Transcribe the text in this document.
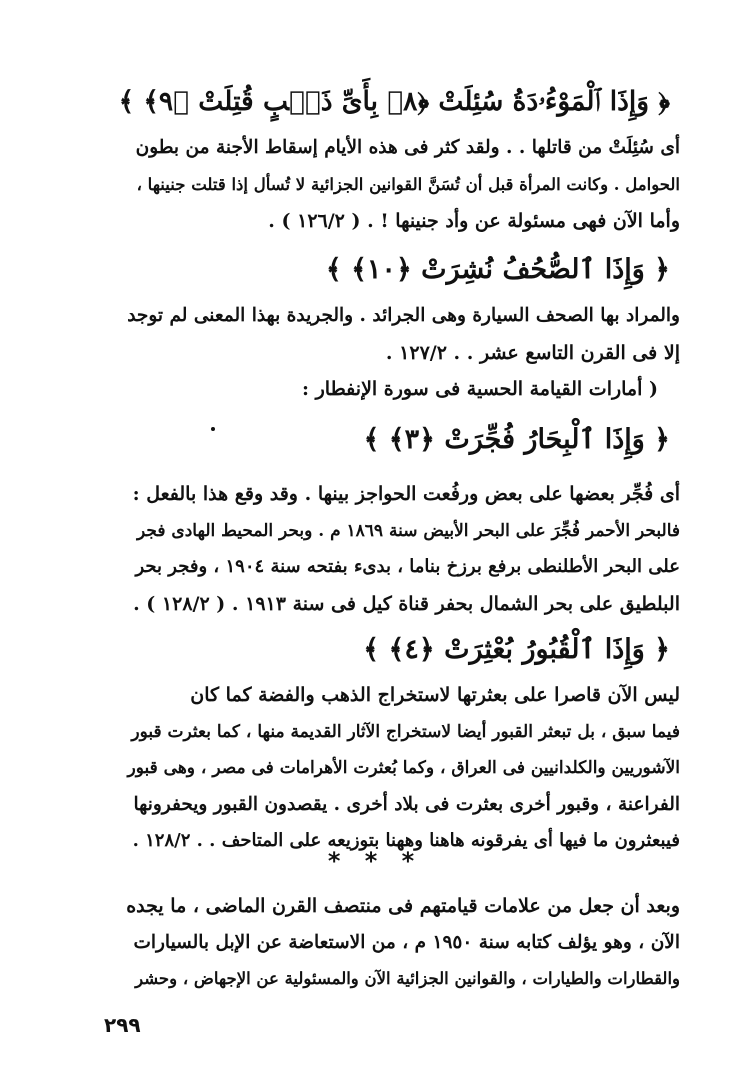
﴿ وَإِذَا ٱلْمَوْءُۥدَةُ سُئِلَتْ ﴿٨﴾ بِأَىِّ ذَنۢبٍ قُتِلَتْ ﴿٩﴾ ﴾
أى سُئِلَتْ من قاتلها . . ولقد كثر فى هذه الأيام إسقاط الأجنة من بطون
الحوامل . وكانت المرأة قبل أن تُسَنَّ القوانين الجزائية لا تُسأل إذا قتلت جنينها ،
وأما الآن فهى مسئولة عن وأد جنينها ! . ( ١٢٦/٢ ) .
﴿ وَإِذَا ٱلصُّحُفُ نُشِرَتْ ﴿١٠﴾ ﴾
والمراد بها الصحف السيارة وهى الجرائد . والجريدة بهذا المعنى لم توجد
إلا فى القرن التاسع عشر . . ١٢٧/٢ .
( أمارات القيامة الحسية فى سورة الإنفطار :
﴿ وَإِذَا ٱلْبِحَارُ فُجِّرَتْ ﴿٣﴾ ﴾
أى فُجِّر بعضها على بعض ورفُعت الحواجز بينها . وقد وقع هذا بالفعل :
فالبحر الأحمر فُجِّرَ على البحر الأبيض سنة ١٨٦٩ م . وبحر المحيط الهادى فجر
على البحر الأطلنطى برفع برزخ بناما ، بدىء بفتحه سنة ١٩٠٤ ، وفجر بحر
البلطيق على بحر الشمال بحفر قناة كيل فى سنة ١٩١٣ . ( ١٢٨/٢ ) .
﴿ وَإِذَا ٱلْقُبُورُ بُعْثِرَتْ ﴿٤﴾ ﴾
ليس الآن قاصرا على بعثرتها لاستخراج الذهب والفضة كما كان
فيما سبق ، بل تبعثر القبور أيضا لاستخراج الآثار القديمة منها ، كما بعثرت قبور
الآشوريين والكلدانيين فى العراق ، وكما بُعثرت الأهرامات فى مصر ، وهى قبور
الفراعنة ، وقبور أخرى بعثرت فى بلاد أخرى . يقصدون القبور ويحفرونها
فيبعثرون ما فيها أى يفرقونه هاهنا وههنا بتوزيعه على المتاحف . . ١٢٨/٢ .
* * *
وبعد أن جعل من علامات قيامتهم فى منتصف القرن الماضى ، ما يجده
الآن ، وهو يؤلف كتابه سنة ١٩٥٠ م ، من الاستعاضة عن الإبل بالسيارات
والقطارات والطيارات ، والقوانين الجزائية الآن والمسئولية عن الإجهاض ، وحشر
٢٩٩
